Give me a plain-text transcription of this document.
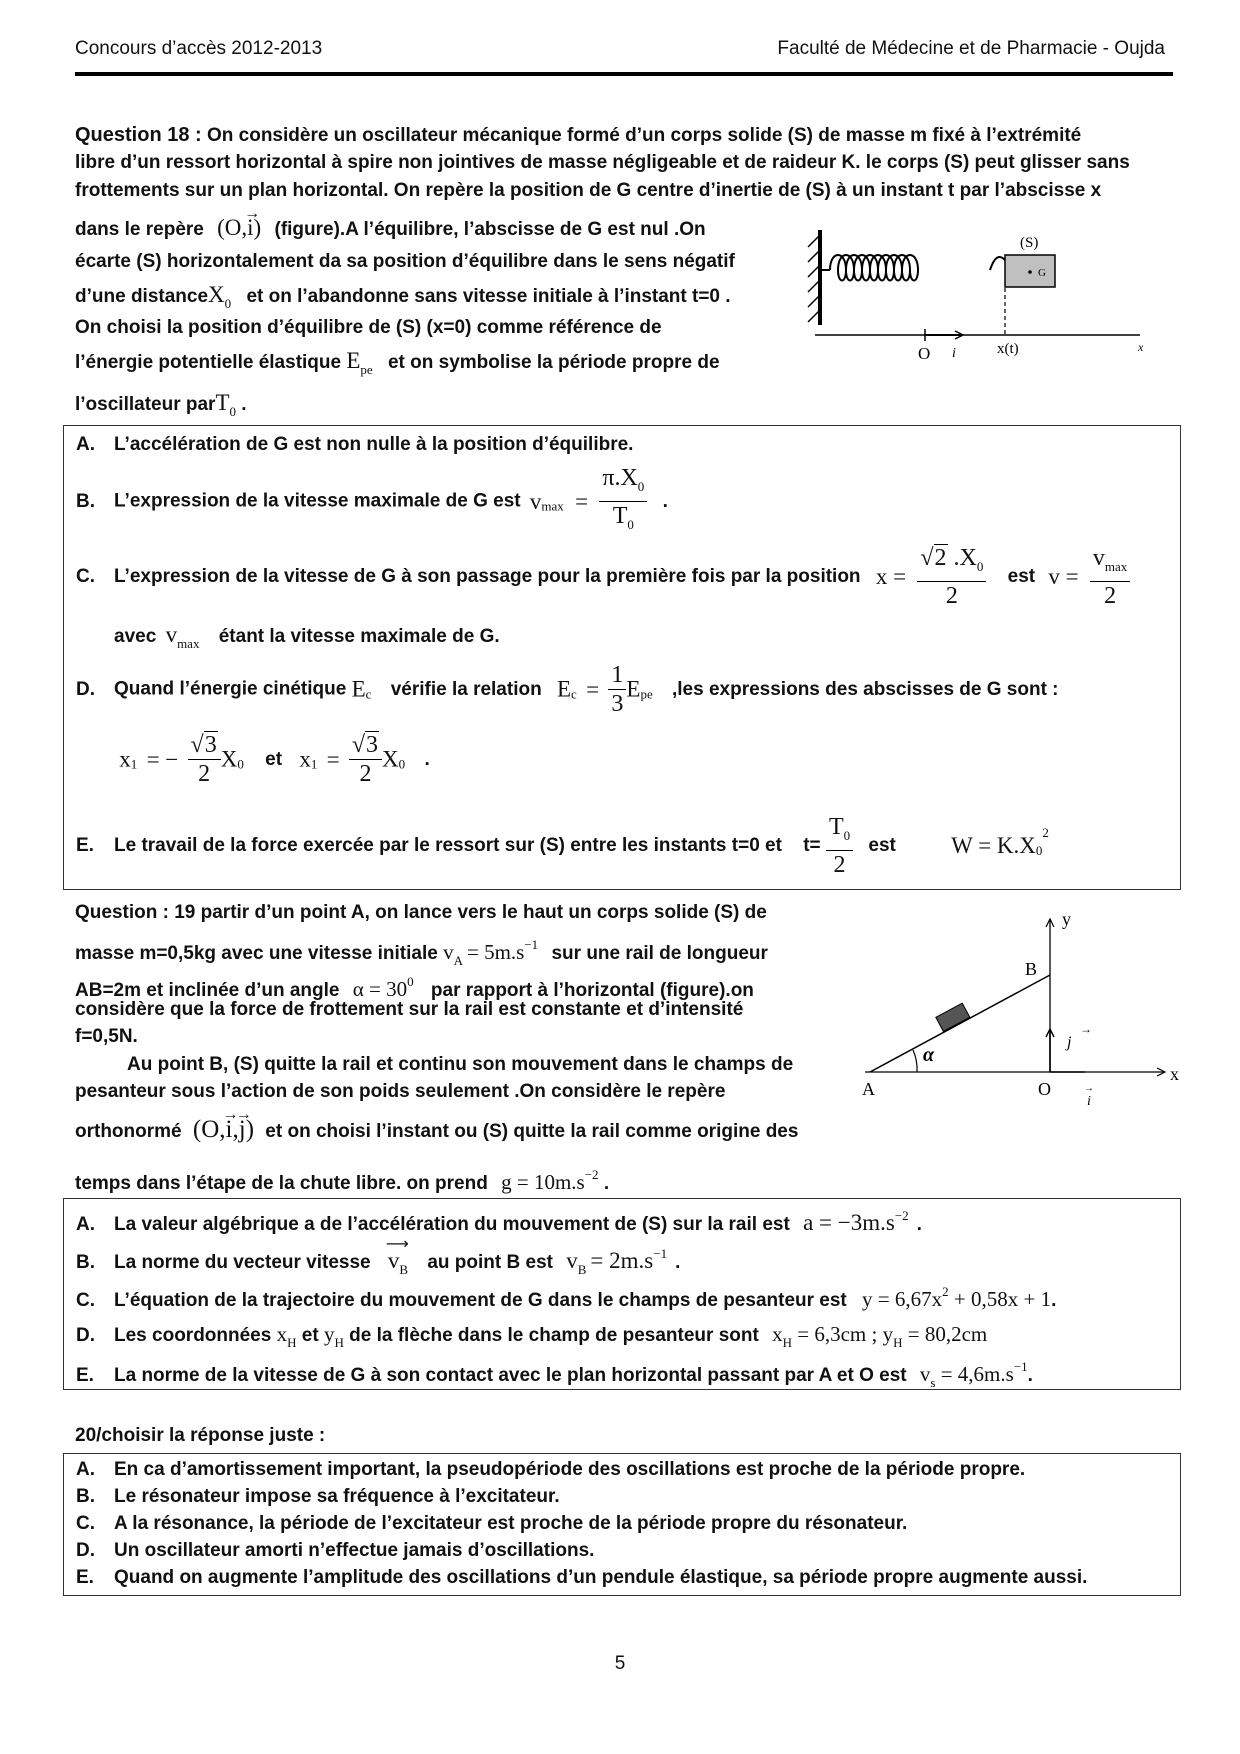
Concours d’accès 2012-2013	Faculté de Médecine et de Pharmacie - Oujda
Question 18 : On considère un oscillateur mécanique formé d’un corps solide (S) de masse m fixé à l’extrémité
libre d’un ressort horizontal à spire non jointives de masse négligeable et de raideur K. le corps (S) peut glisser sans
frottements sur un plan horizontal. On repère la position de G centre d’inertie de (S) à un instant t par l’abscisse x
dans le repère (O,i
→
) (figure).A l’équilibre, l’abscisse de G est nul .On
écarte (S) horizontalement da sa position d’équilibre dans le sens négatif
d’une distanceX$_0$ et on l’abandonne sans vitesse initiale à l’instant t=0 .
On choisi la position d’équilibre de (S) (x=0) comme référence de
l’énergie potentielle élastique $E_{pe}$ et on symbolise la période propre de
l’oscillateur parT$_0$ .
(S)
G
O i	x(t)	x
A. L’accélération de G est non nulle à la position d’équilibre.
B. L’expression de la vitesse maximale de G est $v_{max} = \frac{\pi.X_0}{T_0}$ .
C. L’expression de la vitesse de G à son passage pour la première fois par la position $x = \frac{√2 .X_0}{2}$ est $v = \frac{v_{max}}{2}$
avec $v_{max}$ étant la vitesse maximale de G.
D. Quand l’énergie cinétique $E_c$ vérifie la relation $E_c = \frac{1}{3} E_{pe}$ ,les expressions des abscisses de G sont :
$x_1$ = − $\frac{√3}{2} X_0$ et $x_1 = \frac{√3}{2} X_0$ .
E. Le travail de la force exercée par le ressort sur (S) entre les instants t=0 et $t= \frac{T_0}{2}$ est $W = K.X_0^2$
Question : 19 partir d’un point A, on lance vers le haut un corps solide (S) de
masse m=0,5kg avec une vitesse initiale $v_A = 5m.s^{-1}$ sur une rail de longueur
AB=2m et inclinée d’un angle $\alpha = 30^0$ par rapport à l’horizontal (figure).on
considère que la force de frottement sur la rail est constante et d’intensité
f=0,5N.
Au point B, (S) quitte la rail et continu son mouvement dans le champs de
pesanteur sous l’action de son poids seulement .On considère le repère
orthonormé (O,i
→
,j
→
) et on choisi l’instant ou (S) quitte la rail comme origine des
temps dans l’étape de la chute libre. on prend $g = 10m.s^{-2}$ .
y
x
A
B
O
α
j
→
i
→
A. La valeur algébrique a de l’accélération du mouvement de (S) sur la rail est $a = -3m.s^{-2}$ .
B. La norme du vecteur vitesse $v_B$
⟶
au point B est $v_B = 2m.s^{-1}$ .
C. L’équation de la trajectoire du mouvement de G dans le champs de pesanteur est $y = 6,67x^2 + 0,58x + 1$.
D. Les coordonnées $x_H$ et $y_H$ de la flèche dans le champ de pesanteur sont $x_H = 6,3cm$ ; $y_H = 80,2cm$
E. La norme de la vitesse de G à son contact avec le plan horizontal passant par A et O est $v_s = 4,6m.s^{-1}$.
20/choisir la réponse juste :
A. En ca d’amortissement important, la pseudopériode des oscillations est proche de la période propre.
B. Le résonateur impose sa fréquence à l’excitateur.
C. A la résonance, la période de l’excitateur est proche de la période propre du résonateur.
D. Un oscillateur amorti n’effectue jamais d’oscillations.
E. Quand on augmente l’amplitude des oscillations d’un pendule élastique, sa période propre augmente aussi.
5
